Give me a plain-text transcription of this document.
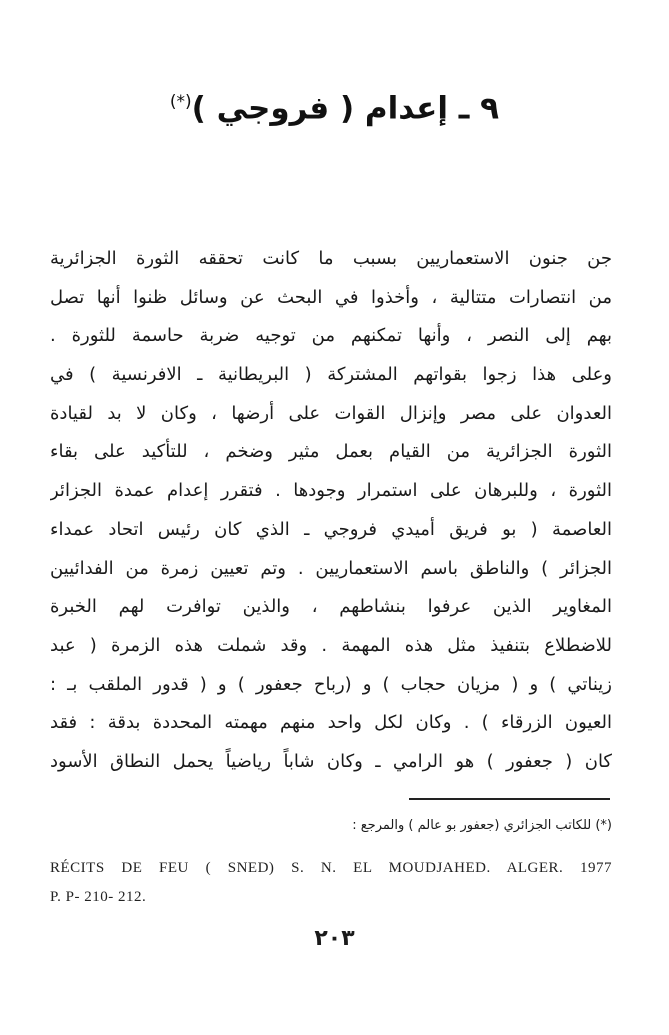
٩ ـ إعدام ( فروجي )(*)
جن جنون الاستعماريين بسبب ما كانت تحققه الثورة الجزائرية
من انتصارات متتالية ، وأخذوا في البحث عن وسائل ظنوا أنها تصل
بهم إلى النصر ، وأنها تمكنهم من توجيه ضربة حاسمة للثورة .
وعلى هذا زجوا بقواتهم المشتركة ( البريطانية ـ الافرنسية ) في
العدوان على مصر وإنزال القوات على أرضها ، وكان لا بد لقيادة
الثورة الجزائرية من القيام بعمل مثير وضخم ، للتأكيد على بقاء
الثورة ، وللبرهان على استمرار وجودها . فتقرر إعدام عمدة الجزائر
العاصمة ( بو فريق أميدي فروجي ـ الذي كان رئيس اتحاد عمداء
الجزائر ) والناطق باسم الاستعماريين . وتم تعيين زمرة من الفدائيين
المغاوير الذين عرفوا بنشاطهم ، والذين توافرت لهم الخبرة
للاضطلاع بتنفيذ مثل هذه المهمة . وقد شملت هذه الزمرة ( عبد
زيناتي ) و ( مزيان حجاب ) و (رباح جعفور ) و ( قدور الملقب بـ :
العيون الزرقاء ) . وكان لكل واحد منهم مهمته المحددة بدقة : فقد
كان ( جعفور ) هو الرامي ـ وكان شاباً رياضياً يحمل النطاق الأسود
(*) للكاتب الجزائري (جعفور بو عالم ) والمرجع :
RÉCITS DE FEU ( SNED) S. N. EL MOUDJAHED. ALGER. 1977
P. P- 210- 212.
٢٠٣
